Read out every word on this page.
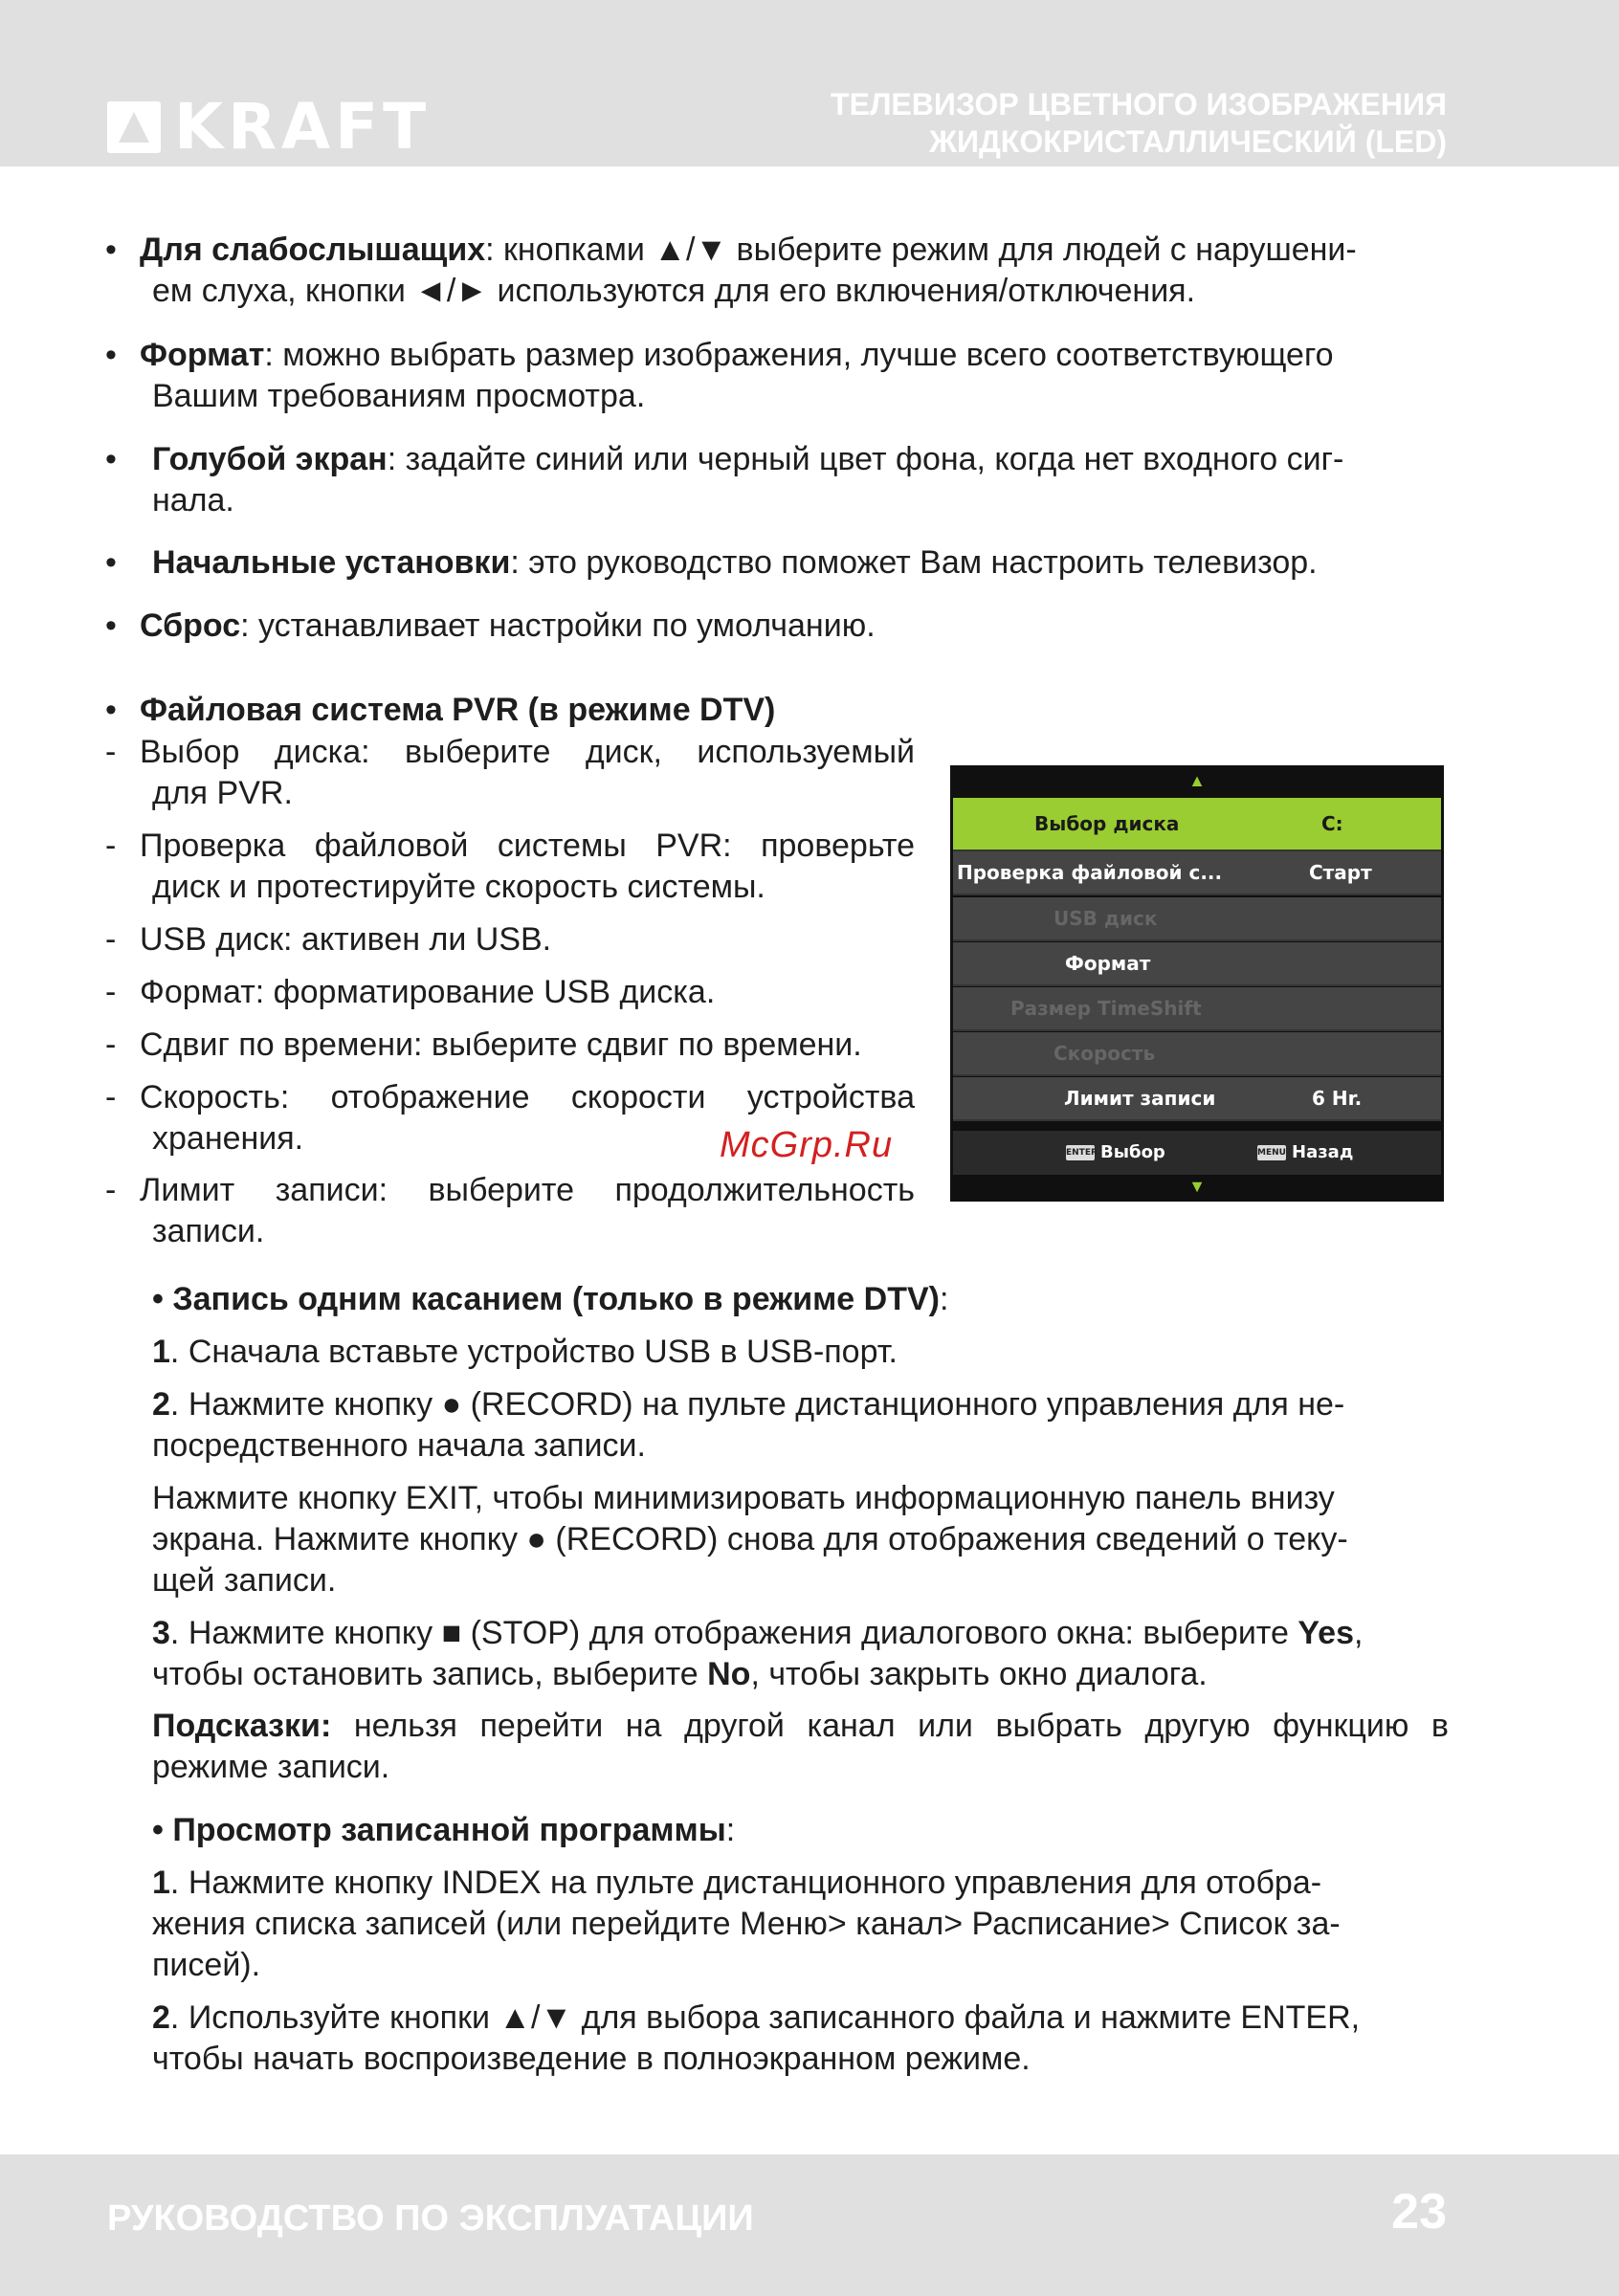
KRAFT	ТЕЛЕВИЗОР ЦВЕТНОГО ИЗОБРАЖЕНИЯ
ЖИДКОКРИСТАЛЛИЧЕСКИЙ (LED)
• Для слабослышащих: кнопками ▲/▼ выберите режим для людей с нарушени-
ем слуха, кнопки ◄/► используются для его включения/отключения.
• Формат: можно выбрать размер изображения, лучше всего соответствующего
Вашим требованиям просмотра.
• Голубой экран: задайте синий или черный цвет фона, когда нет входного сиг-
нала.
• Начальные установки: это руководство поможет Вам настроить телевизор.
• Сброс: устанавливает настройки по умолчанию.
• Файловая система PVR (в режиме DTV)
- Выбор диска: выберите диск, используемый
для PVR.
- Проверка файловой системы PVR: проверьте
диск и протестируйте скорость системы.
- USB диск: активен ли USB.
- Формат: форматирование USB диска.
- Сдвиг по времени: выберите сдвиг по времени.
- Скорость: отображение скорости устройства
хранения.
- Лимит записи: выберите продолжительность
записи.
McGrp.Ru
▲
Выбор диска	C:
Проверка файловой с...	Старт
USB диск
Формат
Размер TimeShift
Скорость
Лимит записи	6 Hr.
ENTER Выбор	MENU Назад
▼
• Запись одним касанием (только в режиме DTV):
1. Сначала вставьте устройство USB в USB-порт.
2. Нажмите кнопку ● (RECORD) на пульте дистанционного управления для не-
посредственного начала записи.
Нажмите кнопку EXIT, чтобы минимизировать информационную панель внизу
экрана. Нажмите кнопку ● (RECORD) снова для отображения сведений о теку-
щей записи.
3. Нажмите кнопку ■ (STOP) для отображения диалогового окна: выберите Yes,
чтобы остановить запись, выберите No, чтобы закрыть окно диалога.
Подсказки: нельзя перейти на другой канал или выбрать другую функцию в
режиме записи.
• Просмотр записанной программы:
1. Нажмите кнопку INDEX на пульте дистанционного управления для отобра-
жения списка записей (или перейдите Меню> канал> Расписание> Список за-
писей).
2. Используйте кнопки ▲/▼ для выбора записанного файла и нажмите ENTER,
чтобы начать воспроизведение в полноэкранном режиме.
РУКОВОДСТВО ПО ЭКСПЛУАТАЦИИ	23
